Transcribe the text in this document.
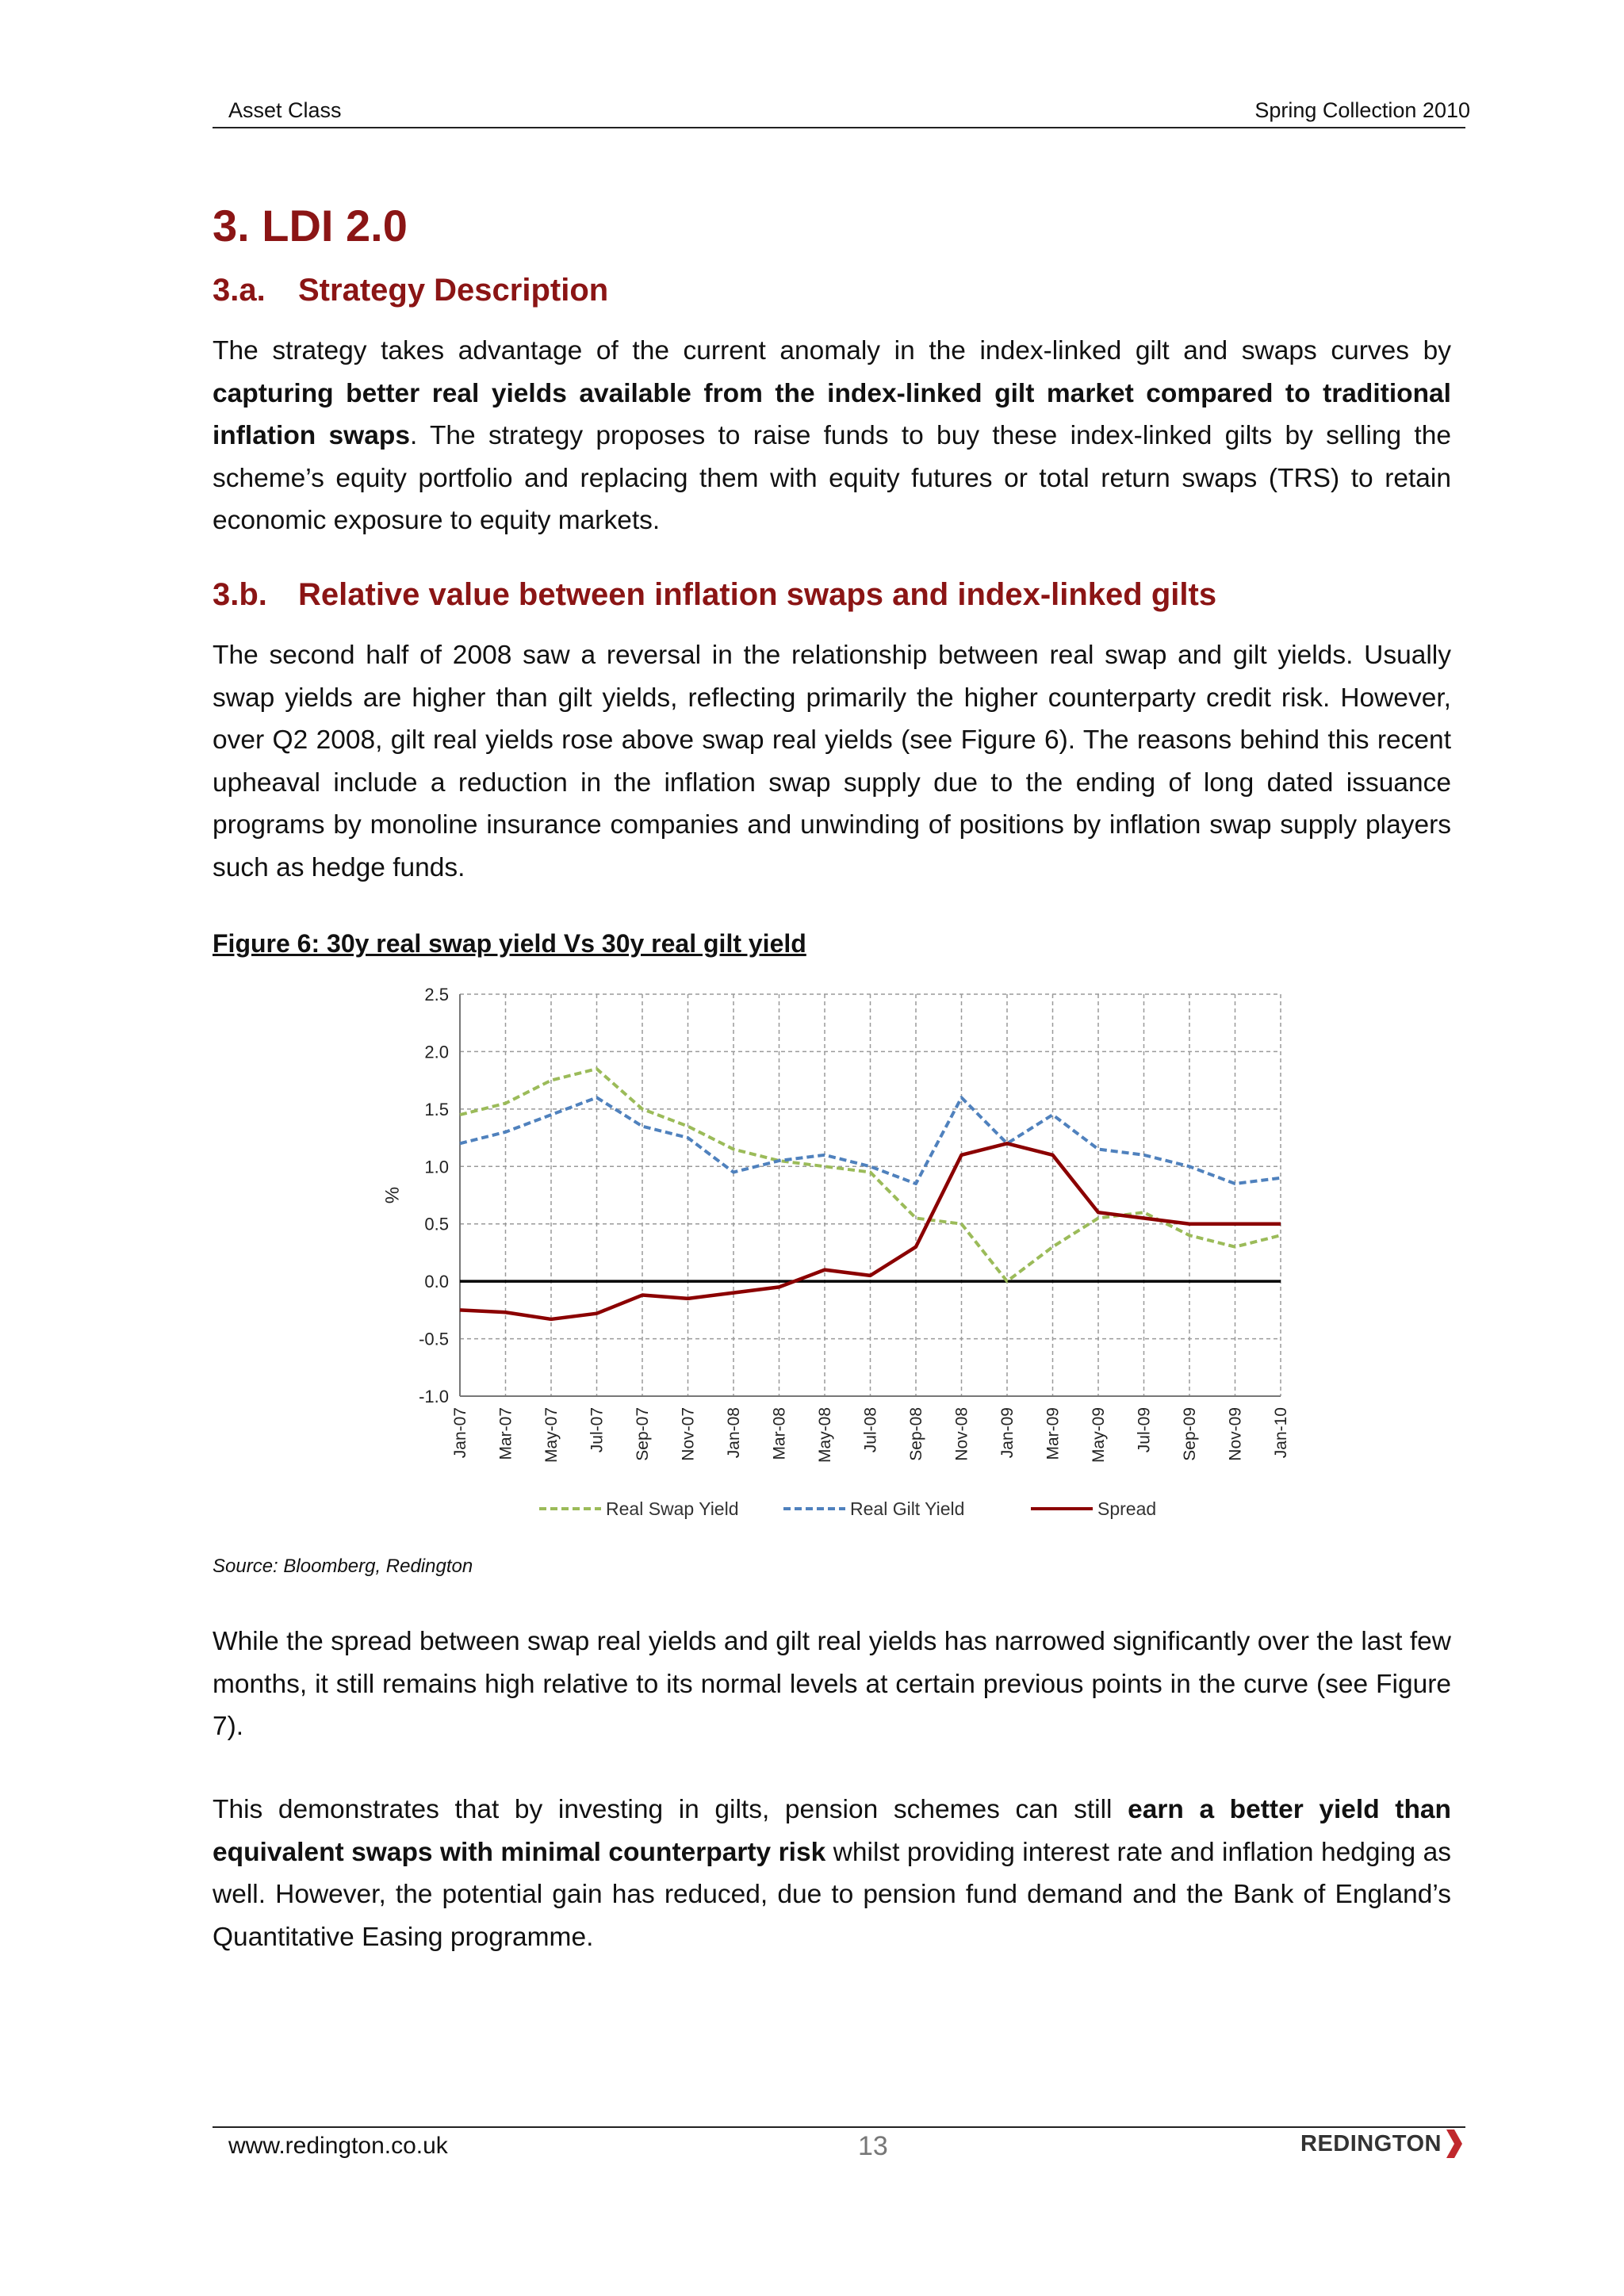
Asset Class	Spring Collection 2010
3. LDI 2.0
3.a. Strategy Description

The strategy takes advantage of the current anomaly in the index-linked gilt and swaps curves by capturing better real yields available from the index-linked gilt market compared to traditional inflation swaps. The strategy proposes to raise funds to buy these index-linked gilts by selling the scheme’s equity portfolio and replacing them with equity futures or total return swaps (TRS) to retain economic exposure to equity markets.

3.b. Relative value between inflation swaps and index-linked gilts

The second half of 2008 saw a reversal in the relationship between real swap and gilt yields. Usually swap yields are higher than gilt yields, reflecting primarily the higher counterparty credit risk. However, over Q2 2008, gilt real yields rose above swap real yields (see Figure 6). The reasons behind this recent upheaval include a reduction in the inflation swap supply due to the ending of long dated issuance programs by monoline insurance companies and unwinding of positions by inflation swap supply players such as hedge funds.

Figure 6: 30y real swap yield Vs 30y real gilt yield
%
2.5
2.0
1.5
1.0
0.5
0.0
-0.5
-1.0
Jan-07 Mar-07 May-07 Jul-07 Sep-07 Nov-07 Jan-08 Mar-08 May-08 Jul-08 Sep-08 Nov-08 Jan-09 Mar-09 May-09 Jul-09 Sep-09 Nov-09 Jan-10
Real Swap Yield	Real Gilt Yield	Spread
Source: Bloomberg, Redington

While the spread between swap real yields and gilt real yields has narrowed significantly over the last few months, it still remains high relative to its normal levels at certain previous points in the curve (see Figure 7).

This demonstrates that by investing in gilts, pension schemes can still earn a better yield than equivalent swaps with minimal counterparty risk whilst providing interest rate and inflation hedging as well. However, the potential gain has reduced, due to pension fund demand and the Bank of England’s Quantitative Easing programme.

www.redington.co.uk	13	REDINGTON
